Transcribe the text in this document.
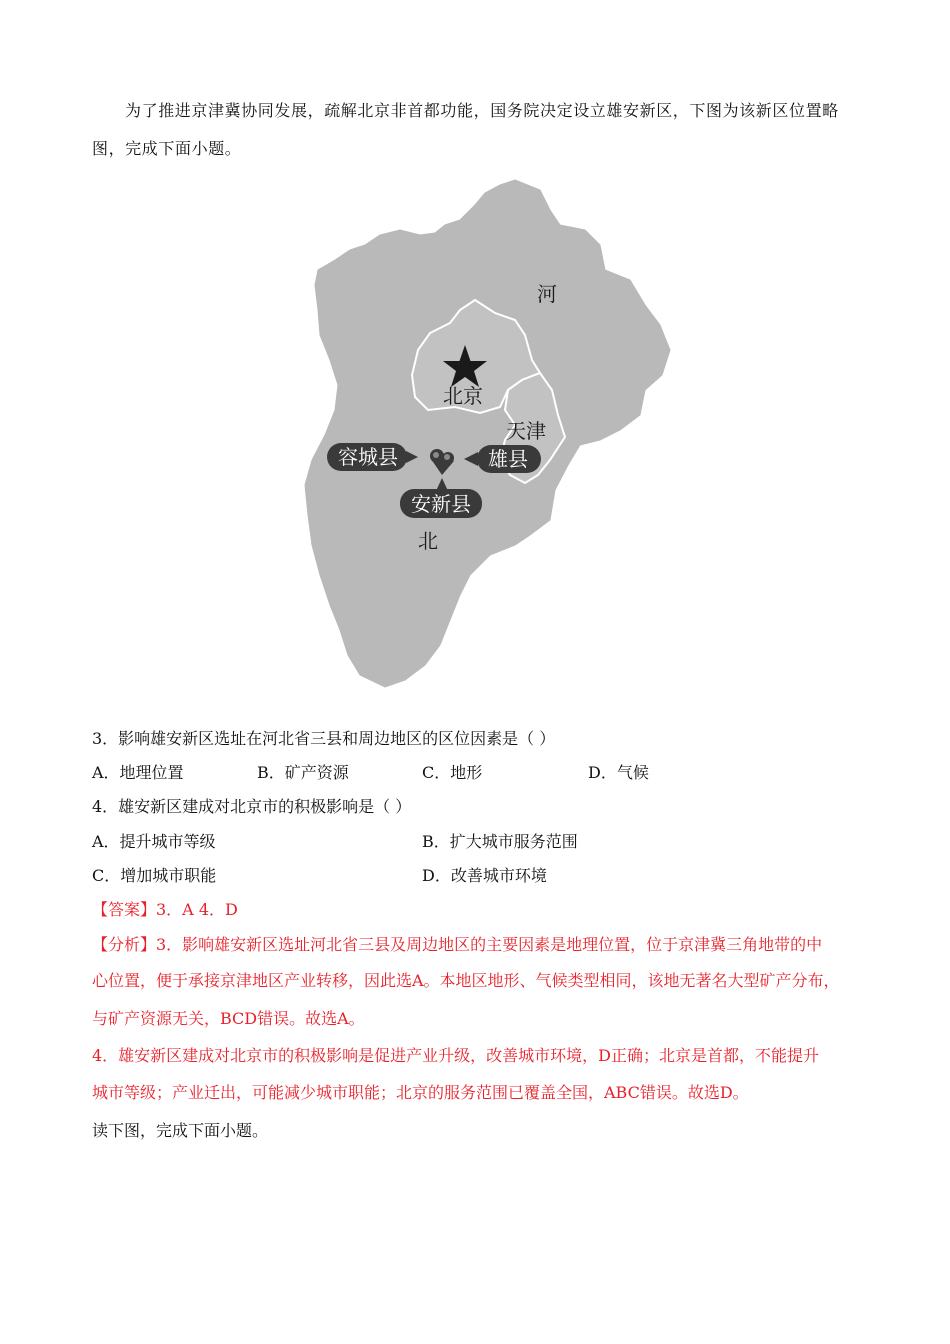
为了推进京津冀协同发展，疏解北京非首都功能，国务院决定设立雄安新区，下图为该新区位置略
图，完成下面小题。
北京
天津
河
北
容城县	雄县
安新县
3．影响雄安新区选址在河北省三县和周边地区的区位因素是（ ）
A．地理位置	B．矿产资源	C．地形	D．气候
4．雄安新区建成对北京市的积极影响是（ ）
A．提升城市等级	B．扩大城市服务范围
C．增加城市职能	D．改善城市环境
【答案】3．A 4．D
【分析】3．影响雄安新区选址河北省三县及周边地区的主要因素是地理位置，位于京津冀三角地带的中
心位置，便于承接京津地区产业转移，因此选A。本地区地形、气候类型相同，该地无著名大型矿产分布，
与矿产资源无关，BCD错误。故选A。
4．雄安新区建成对北京市的积极影响是促进产业升级，改善城市环境，D正确；北京是首都，不能提升
城市等级；产业迁出，可能减少城市职能；北京的服务范围已覆盖全国，ABC错误。故选D。
读下图，完成下面小题。
